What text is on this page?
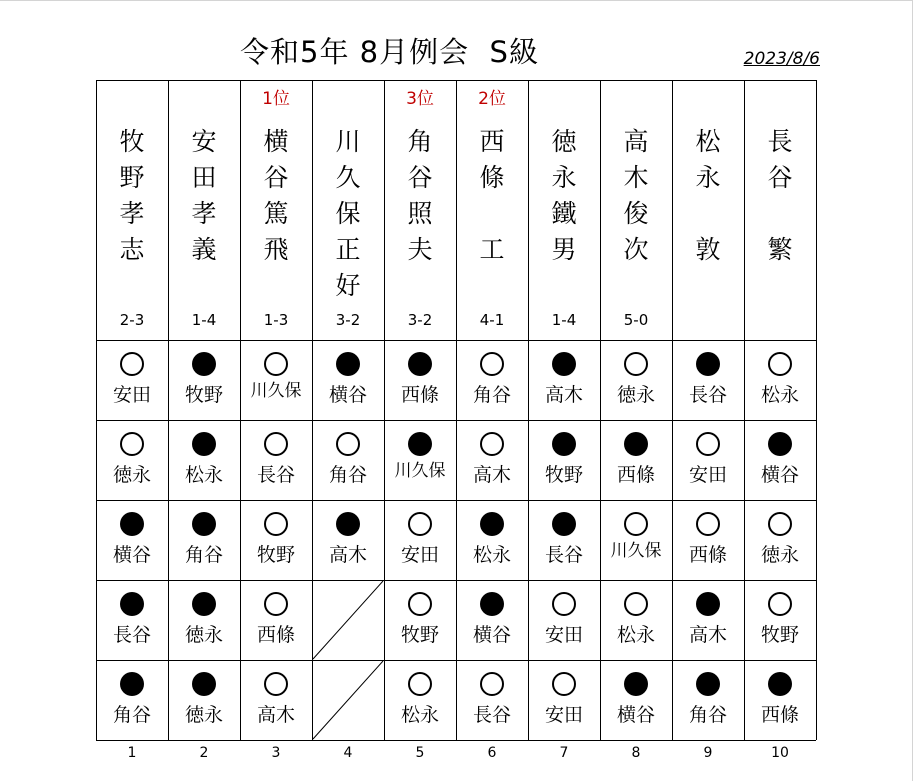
令和5年 8月例会  S級	2023/8/6
牧
野
孝
志
2-3
安田
徳永
横谷
長谷
角谷
1
安
田
孝
義
1-4
牧野
松永
角谷
徳永
徳永
2
1位
横
谷
篤
飛
1-3
川久保
長谷
牧野
西條
高木
3
川
久
保
正
好
3-2
横谷
角谷
高木
4
3位
角
谷
照
夫
3-2
西條
川久保
安田
牧野
松永
5
2位
西
條

工
4-1
角谷
高木
松永
横谷
長谷
6
徳
永
鐵
男
1-4
高木
牧野
長谷
安田
安田
7
高
木
俊
次
5-0
徳永
西條
川久保
松永
横谷
8
松
永

敦
長谷
安田
西條
高木
角谷
9
長
谷

繁
松永
横谷
徳永
牧野
西條
10
